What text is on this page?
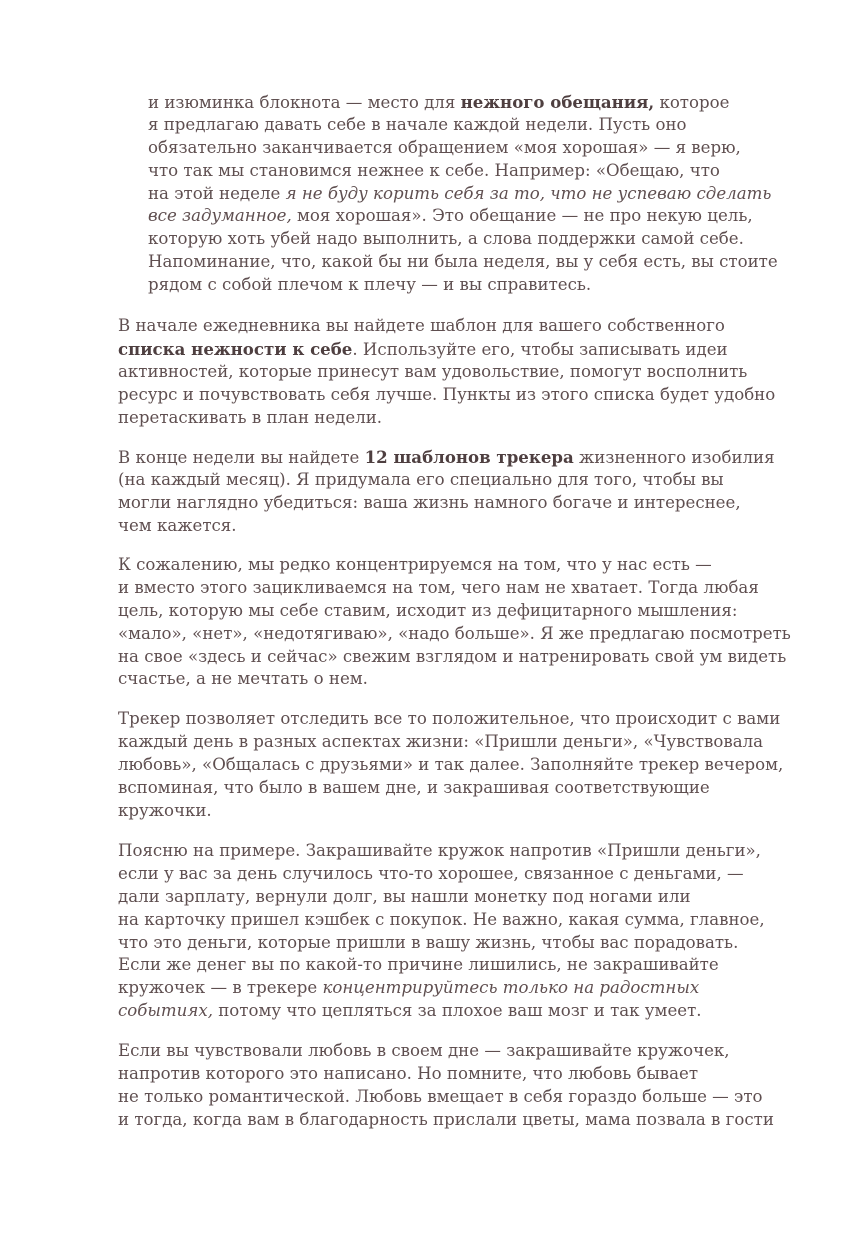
и изюминка блокнота — место для нежного обещания, которое
я предлагаю давать себе в начале каждой недели. Пусть оно
обязательно заканчивается обращением «моя хорошая» — я верю,
что так мы становимся нежнее к себе. Например: «Обещаю, что
на этой неделе я не буду корить себя за то, что не успеваю сделать
все задуманное, моя хорошая». Это обещание — не про некую цель,
которую хоть убей надо выполнить, а слова поддержки самой себе.
Напоминание, что, какой бы ни была неделя, вы у себя есть, вы стоите
рядом с собой плечом к плечу — и вы справитесь.
В начале ежедневника вы найдете шаблон для вашего собственного
списка нежности к себе. Используйте его, чтобы записывать идеи
активностей, которые принесут вам удовольствие, помогут восполнить
ресурс и почувствовать себя лучше. Пункты из этого списка будет удобно
перетаскивать в план недели.
В конце недели вы найдете 12 шаблонов трекера жизненного изобилия
(на каждый месяц). Я придумала его специально для того, чтобы вы
могли наглядно убедиться: ваша жизнь намного богаче и интереснее,
чем кажется.
К сожалению, мы редко концентрируемся на том, что у нас есть —
и вместо этого зацикливаемся на том, чего нам не хватает. Тогда любая
цель, которую мы себе ставим, исходит из дефицитарного мышления:
«мало», «нет», «недотягиваю», «надо больше». Я же предлагаю посмотреть
на свое «здесь и сейчас» свежим взглядом и натренировать свой ум видеть
счастье, а не мечтать о нем.
Трекер позволяет отследить все то положительное, что происходит с вами
каждый день в разных аспектах жизни: «Пришли деньги», «Чувствовала
любовь», «Общалась с друзьями» и так далее. Заполняйте трекер вечером,
вспоминая, что было в вашем дне, и закрашивая соответствующие
кружочки.
Поясню на примере. Закрашивайте кружок напротив «Пришли деньги»,
если у вас за день случилось что-то хорошее, связанное с деньгами, —
дали зарплату, вернули долг, вы нашли монетку под ногами или
на карточку пришел кэшбек с покупок. Не важно, какая сумма, главное,
что это деньги, которые пришли в вашу жизнь, чтобы вас порадовать.
Если же денег вы по какой-то причине лишились, не закрашивайте
кружочек — в трекере концентрируйтесь только на радостных
событиях, потому что цепляться за плохое ваш мозг и так умеет.
Если вы чувствовали любовь в своем дне — закрашивайте кружочек,
напротив которого это написано. Но помните, что любовь бывает
не только романтической. Любовь вмещает в себя гораздо больше — это
и тогда, когда вам в благодарность прислали цветы, мама позвала в гости
